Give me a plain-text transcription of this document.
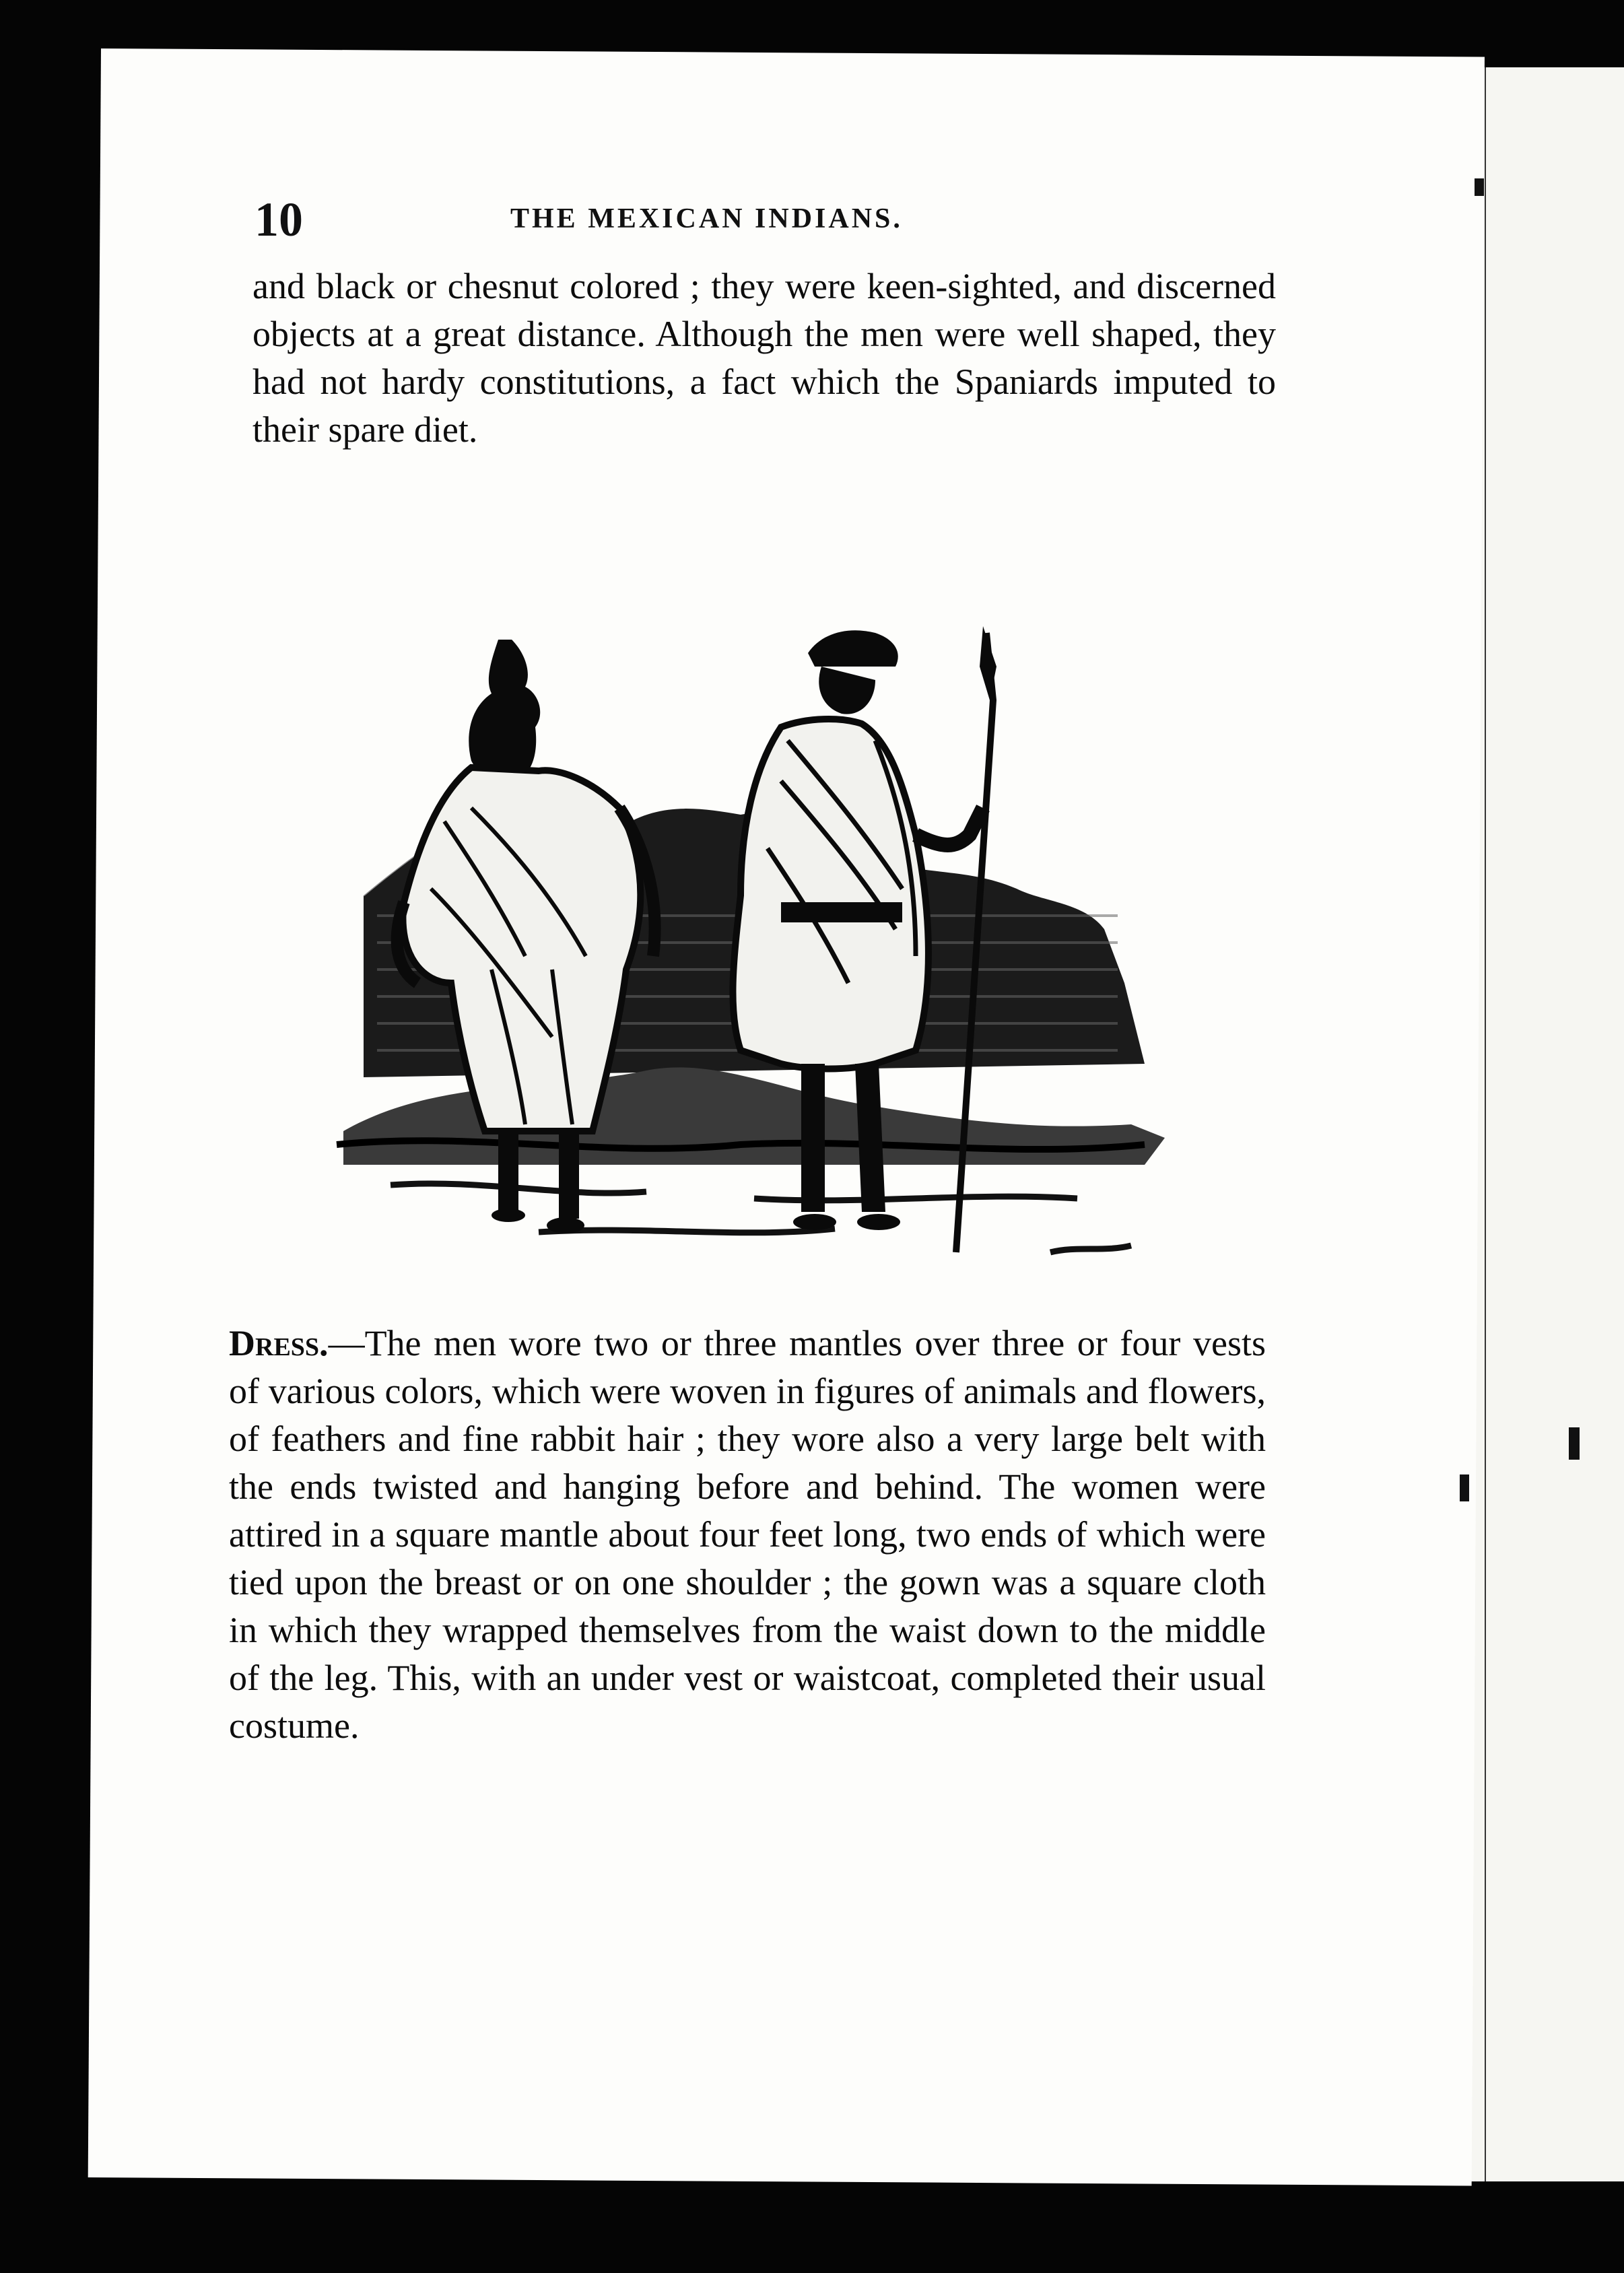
10	THE MEXICAN INDIANS.
and black or chesnut colored ; they were keen-sighted, and discerned objects at a great distance. Although the men were well shaped, they had not hardy constitutions, a fact which the Spaniards imputed to their spare diet.
Dress.—The men wore two or three mantles over three or four vests of various colors, which were woven in figures of animals and flowers, of feathers and fine rabbit hair ; they wore also a very large belt with the ends twisted and hanging before and behind. The women were attired in a square mantle about four feet long, two ends of which were tied upon the breast or on one shoulder ; the gown was a square cloth in which they wrapped themselves from the waist down to the middle of the leg. This, with an under vest or waistcoat, completed their usual costume.
